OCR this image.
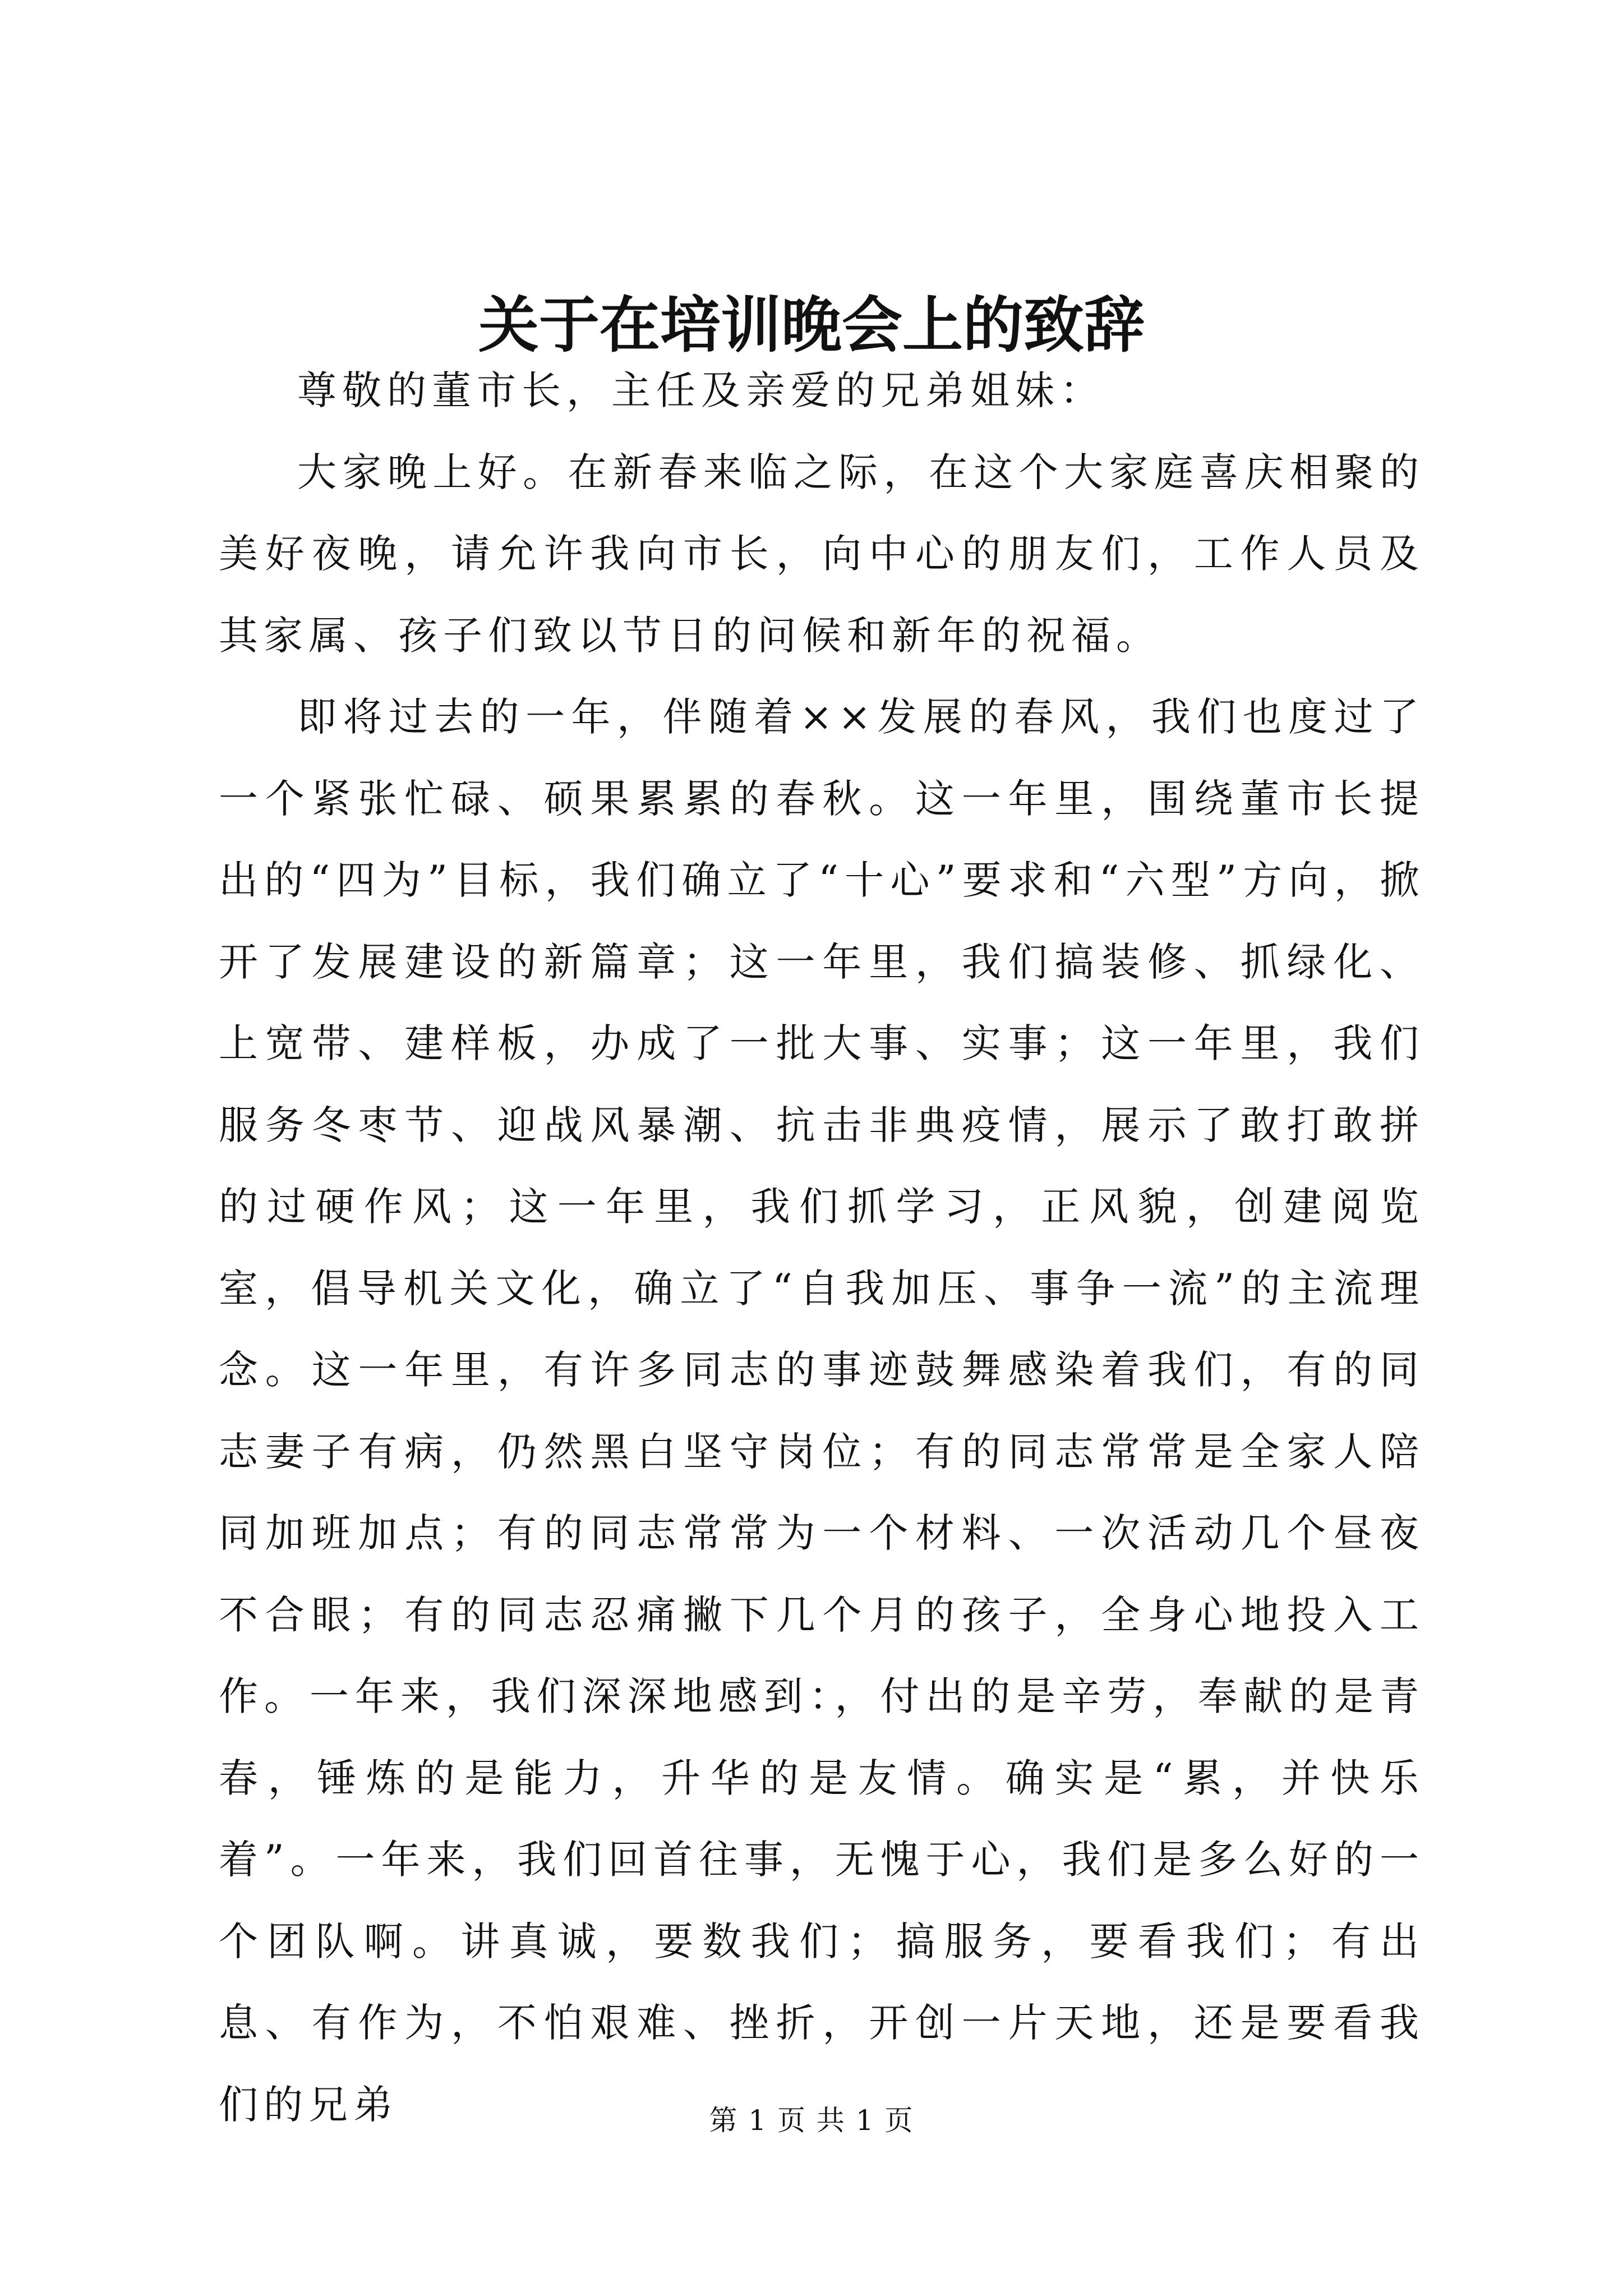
关于在培训晚会上的致辞

尊敬的董市长，主任及亲爱的兄弟姐妹：

大家晚上好。在新春来临之际，在这个大家庭喜庆相聚的美好夜晚，请允许我向市长，向中心的朋友们，工作人员及其家属、孩子们致以节日的问候和新年的祝福。

即将过去的一年，伴随着××发展的春风，我们也度过了一个紧张忙碌、硕果累累的春秋。这一年里，围绕董市长提出的“四为”目标，我们确立了“十心”要求和“六型”方向，掀开了发展建设的新篇章；这一年里，我们搞装修、抓绿化、上宽带、建样板，办成了一批大事、实事；这一年里，我们服务冬枣节、迎战风暴潮、抗击非典疫情，展示了敢打敢拼的过硬作风；这一年里，我们抓学习，正风貌，创建阅览室，倡导机关文化，确立了“自我加压、事争一流”的主流理念。这一年里，有许多同志的事迹鼓舞感染着我们，有的同志妻子有病，仍然黑白坚守岗位；有的同志常常是全家人陪同加班加点；有的同志常常为一个材料、一次活动几个昼夜不合眼；有的同志忍痛撇下几个月的孩子，全身心地投入工作。一年来，我们深深地感到：，付出的是辛劳，奉献的是青春，锤炼的是能力，升华的是友情。确实是“累，并快乐着”。一年来，我们回首往事，无愧于心，我们是多么好的一个团队啊。讲真诚，要数我们；搞服务，要看我们；有出息、有作为，不怕艰难、挫折，开创一片天地，还是要看我们的兄弟	第 1 页 共 1 页
